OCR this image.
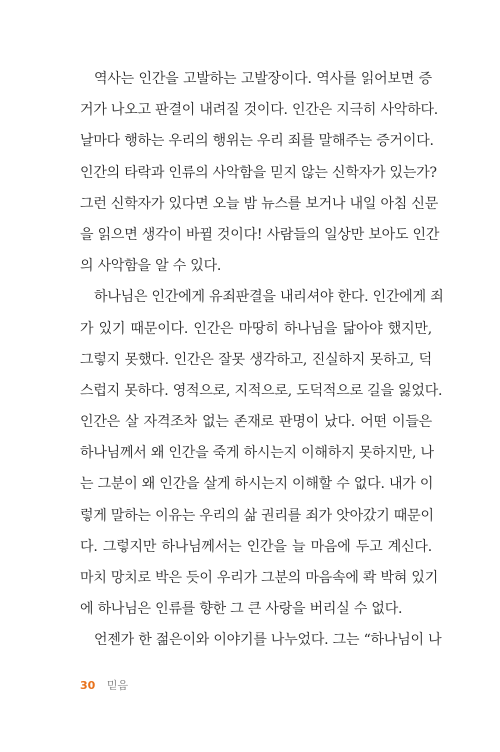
역사는 인간을 고발하는 고발장이다. 역사를 읽어보면 증
거가 나오고 판결이 내려질 것이다. 인간은 지극히 사악하다.
날마다 행하는 우리의 행위는 우리 죄를 말해주는 증거이다.
인간의 타락과 인류의 사악함을 믿지 않는 신학자가 있는가?
그런 신학자가 있다면 오늘 밤 뉴스를 보거나 내일 아침 신문
을 읽으면 생각이 바뀔 것이다! 사람들의 일상만 보아도 인간
의 사악함을 알 수 있다.
하나님은 인간에게 유죄판결을 내리셔야 한다. 인간에게 죄
가 있기 때문이다. 인간은 마땅히 하나님을 닮아야 했지만,
그렇지 못했다. 인간은 잘못 생각하고, 진실하지 못하고, 덕
스럽지 못하다. 영적으로, 지적으로, 도덕적으로 길을 잃었다.
인간은 살 자격조차 없는 존재로 판명이 났다. 어떤 이들은
하나님께서 왜 인간을 죽게 하시는지 이해하지 못하지만, 나
는 그분이 왜 인간을 살게 하시는지 이해할 수 없다. 내가 이
렇게 말하는 이유는 우리의 삶 권리를 죄가 앗아갔기 때문이
다. 그렇지만 하나님께서는 인간을 늘 마음에 두고 계신다.
마치 망치로 박은 듯이 우리가 그분의 마음속에 콱 박혀 있기
에 하나님은 인류를 향한 그 큰 사랑을 버리실 수 없다.
언젠가 한 젊은이와 이야기를 나누었다. 그는 “하나님이 나
30 믿음
